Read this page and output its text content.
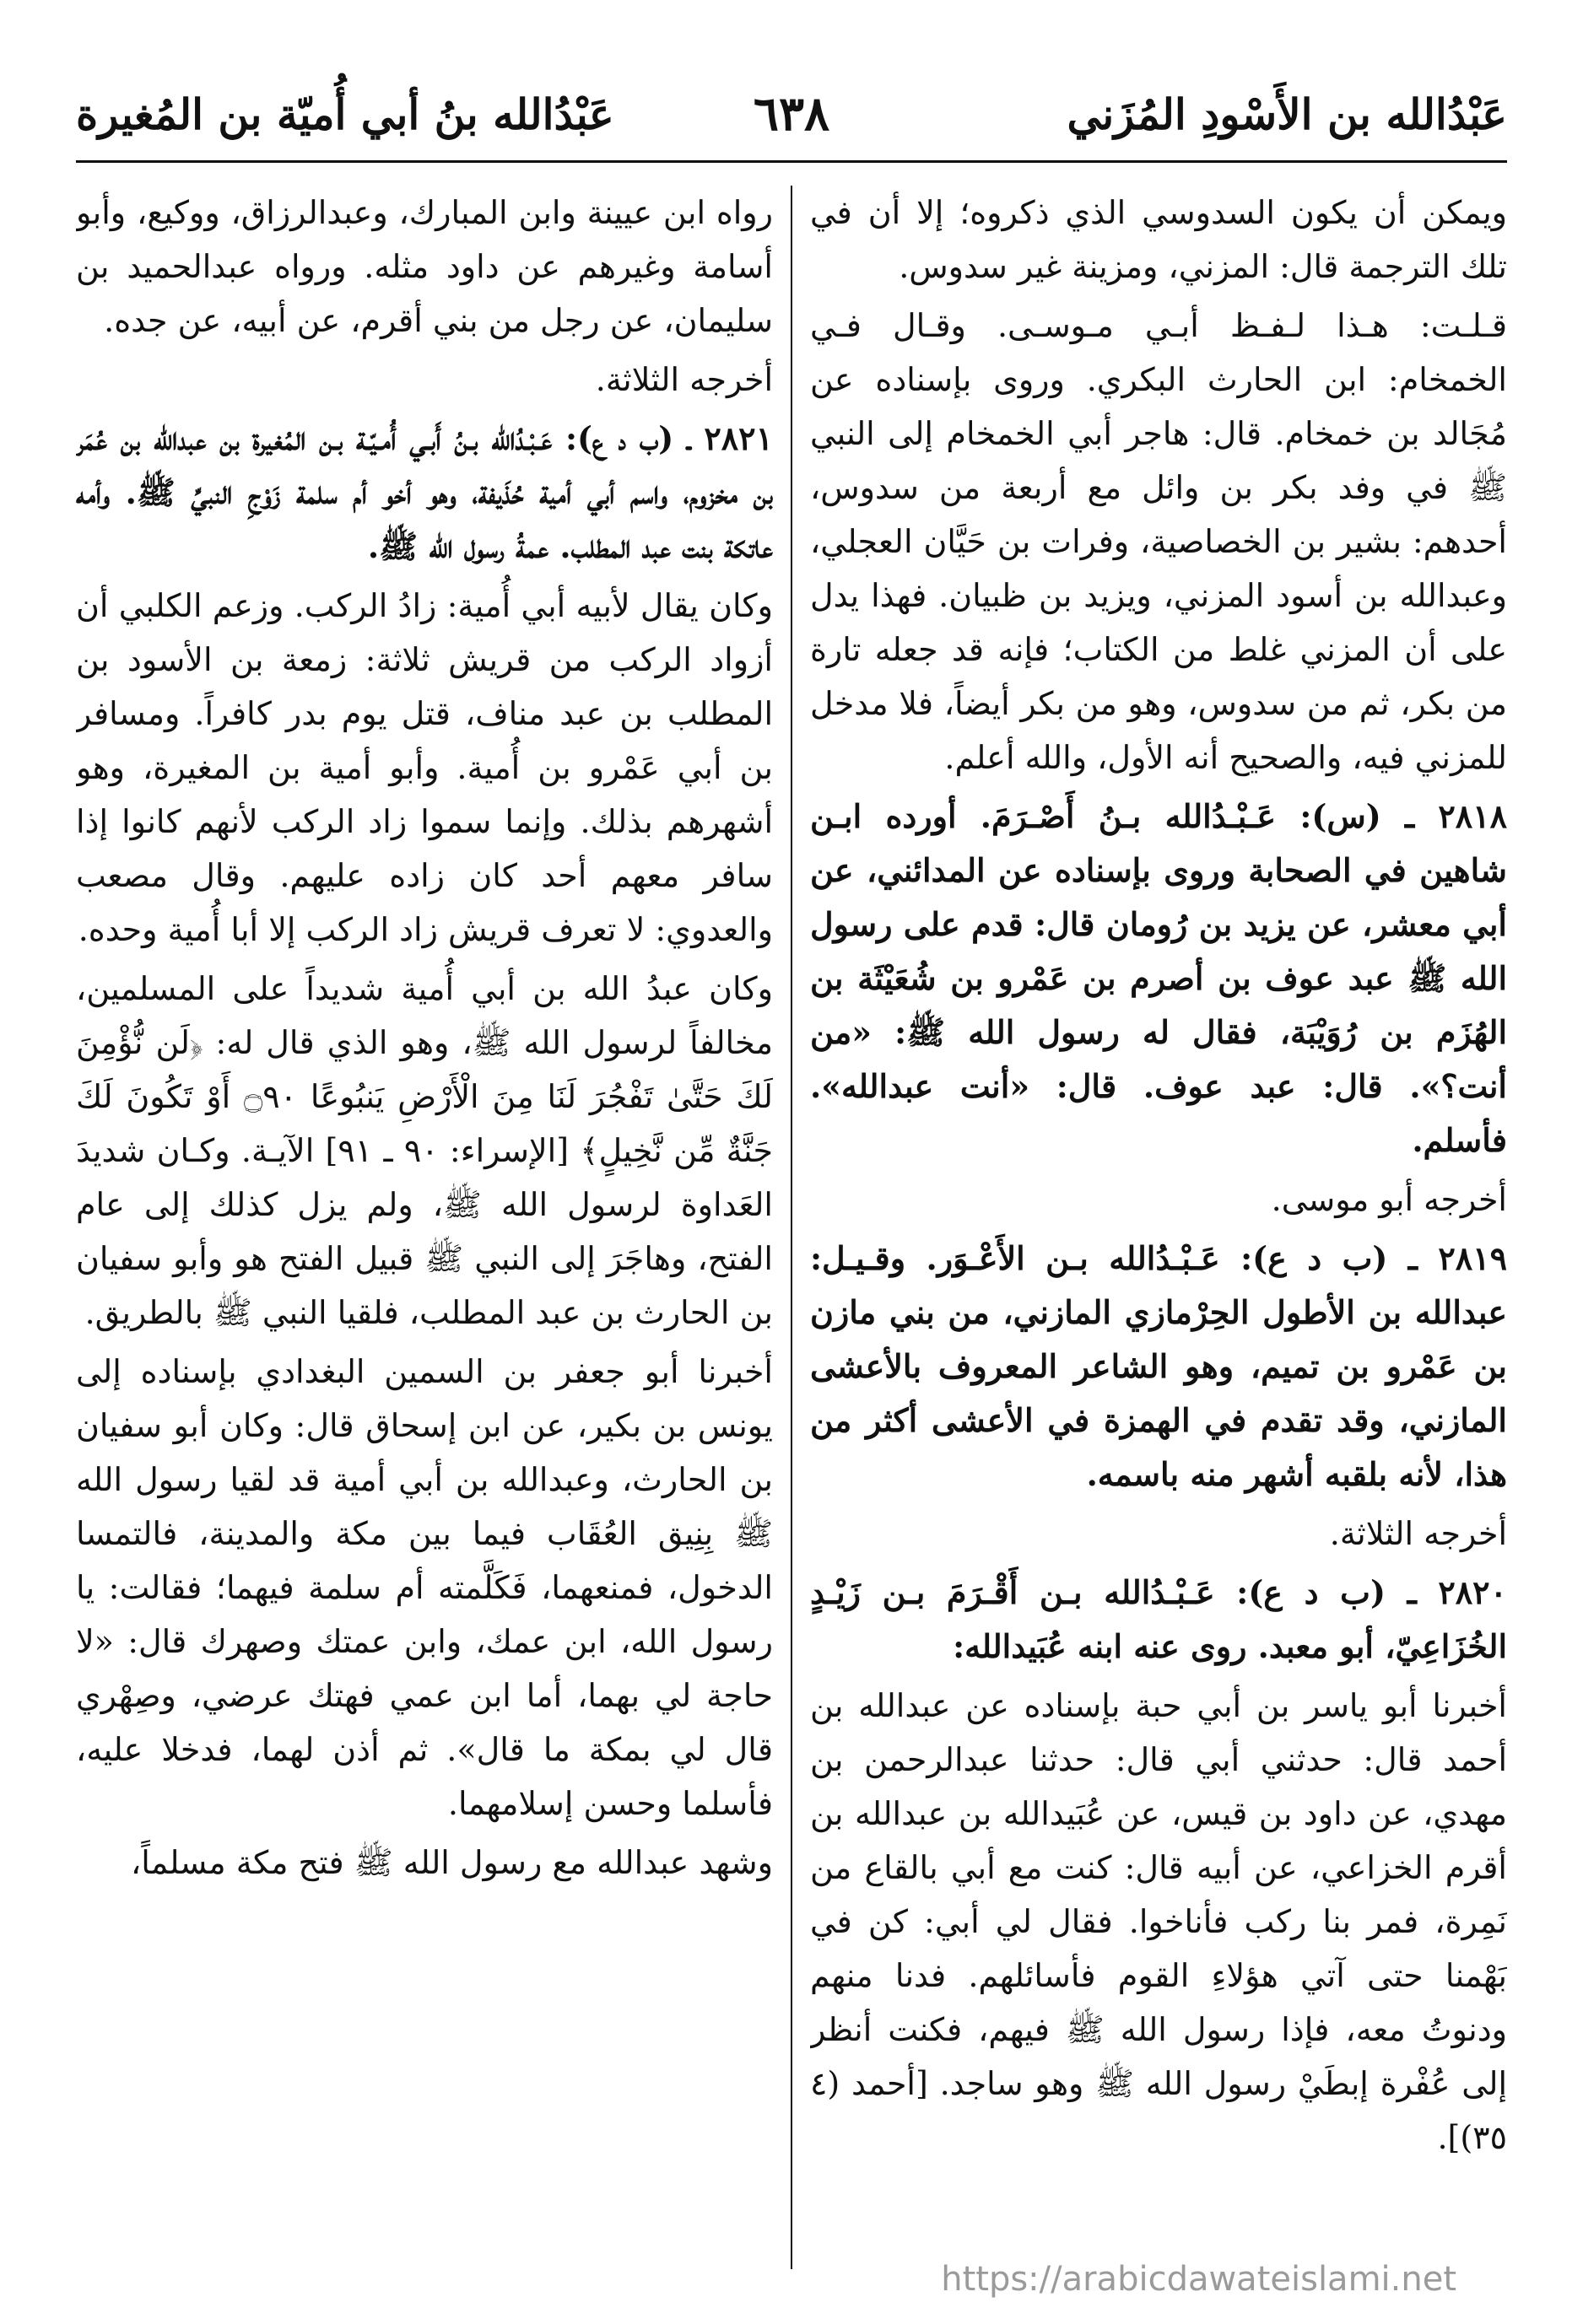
عَبْدُالله بن الأَسْودِ المُزَني
٦٣٨
عَبْدُالله بنُ أبي أُميّة بن المُغيرة

ويمكن أن يكون السدوسي الذي ذكروه؛ إلا أن في تلك الترجمة قال: المزني، ومزينة غير سدوس.

قـلـت: هـذا لـفـظ أبـي مـوسـى. وقـال فـي الخمخام: ابن الحارث البكري. وروى بإسناده عن مُجَالد بن خمخام. قال: هاجر أبي الخمخام إلى النبي ﷺ في وفد بكر بن وائل مع أربعة من سدوس، أحدهم: بشير بن الخصاصية، وفرات بن حَيَّان العجلي، وعبدالله بن أسود المزني، ويزيد بن ظبيان. فهذا يدل على أن المزني غلط من الكتاب؛ فإنه قد جعله تارة من بكر، ثم من سدوس، وهو من بكر أيضاً، فلا مدخل للمزني فيه، والصحيح أنه الأول، والله أعلم.

٢٨١٨ ـ (س): عَـبْـدُالله بـنُ أَصْـرَمَ. أورده ابـن شاهين في الصحابة وروى بإسناده عن المدائني، عن أبي معشر، عن يزيد بن رُومان قال: قدم على رسول الله ﷺ عبد عوف بن أصرم بن عَمْرو بن شُعَيْثَة بن الهُزَم بن رُوَيْبَة، فقال له رسول الله ﷺ: «من أنت؟». قال: عبد عوف. قال: «أنت عبدالله». فأسلم.

أخرجه أبو موسى.

٢٨١٩ ـ (ب د ع): عَـبْـدُالله بـن الأَعْـوَر. وقـيـل: عبدالله بن الأطول الحِرْمازي المازني، من بني مازن بن عَمْرو بن تميم، وهو الشاعر المعروف بالأعشى المازني، وقد تقدم في الهمزة في الأعشى أكثر من هذا، لأنه بلقبه أشهر منه باسمه.

أخرجه الثلاثة.

٢٨٢٠ ـ (ب د ع): عَـبْـدُالله بـن أَقْـرَمَ بـن زَيْـدٍ الخُزَاعِيّ، أبو معبد. روى عنه ابنه عُبَيدالله:

أخبرنا أبو ياسر بن أبي حبة بإسناده عن عبدالله بن أحمد قال: حدثني أبي قال: حدثنا عبدالرحمن بن مهدي، عن داود بن قيس، عن عُبَيدالله بن عبدالله بن أقرم الخزاعي، عن أبيه قال: كنت مع أبي بالقاع من نَمِرة، فمر بنا ركب فأناخوا. فقال لي أبي: كن في بَهْمنا حتى آتي هؤلاءِ القوم فأسائلهم. فدنا منهم ودنوتُ معه، فإذا رسول الله ﷺ فيهم، فكنت أنظر إلى عُفْرة إبطَيْ رسول الله ﷺ وهو ساجد. [أحمد (٤ ٣٥)].

رواه ابن عيينة وابن المبارك، وعبدالرزاق، ووكيع، وأبو أسامة وغيرهم عن داود مثله. ورواه عبدالحميد بن سليمان، عن رجل من بني أقرم، عن أبيه، عن جده.

أخرجه الثلاثة.

٢٨٢١ ـ (ب د ع): عَـبْـدُالله بـنُ أَبـي أُمـيّـة بـن المُغيرة بن عبدالله بن عُمَر بن مخزوم، واسم أبي أمية حُذَيفة، وهو أخو أم سلمة زَوْجِ النبيِّ ﷺ. وأمه عاتكة بنت عبد المطلب. عمةُ رسول الله ﷺ.

وكان يقال لأبيه أبي أُمية: زادُ الركب. وزعم الكلبي أن أزواد الركب من قريش ثلاثة: زمعة بن الأسود بن المطلب بن عبد مناف، قتل يوم بدر كافراً. ومسافر بن أبي عَمْرو بن أُمية. وأبو أمية بن المغيرة، وهو أشهرهم بذلك. وإنما سموا زاد الركب لأنهم كانوا إذا سافر معهم أحد كان زاده عليهم. وقال مصعب والعدوي: لا تعرف قريش زاد الركب إلا أبا أُمية وحده.

وكان عبدُ الله بن أبي أُمية شديداً على المسلمين، مخالفاً لرسول الله ﷺ، وهو الذي قال له: ﴿لَن نُّؤْمِنَ لَكَ حَتَّىٰ تَفْجُرَ لَنَا مِنَ الْأَرْضِ يَنبُوعًا ۝٩٠ أَوْ تَكُونَ لَكَ جَنَّةٌ مِّن نَّخِيلٍ﴾ [الإسراء: ٩٠ ـ ٩١] الآيـة. وكـان شديدَ العَداوة لرسول الله ﷺ، ولم يزل كذلك إلى عام الفتح، وهاجَرَ إلى النبي ﷺ قبيل الفتح هو وأبو سفيان بن الحارث بن عبد المطلب، فلقيا النبي ﷺ بالطريق.

أخبرنا أبو جعفر بن السمين البغدادي بإسناده إلى يونس بن بكير، عن ابن إسحاق قال: وكان أبو سفيان بن الحارث، وعبدالله بن أبي أمية قد لقيا رسول الله ﷺ بِنِيق العُقَاب فيما بين مكة والمدينة، فالتمسا الدخول، فمنعهما، فَكَلَّمته أم سلمة فيهما؛ فقالت: يا رسول الله، ابن عمك، وابن عمتك وصهرك قال: «لا حاجة لي بهما، أما ابن عمي فهتك عرضي، وصِهْري قال لي بمكة ما قال». ثم أذن لهما، فدخلا عليه، فأسلما وحسن إسلامهما.

وشهد عبدالله مع رسول الله ﷺ فتح مكة مسلماً،

https://arabicdawateislami.net
